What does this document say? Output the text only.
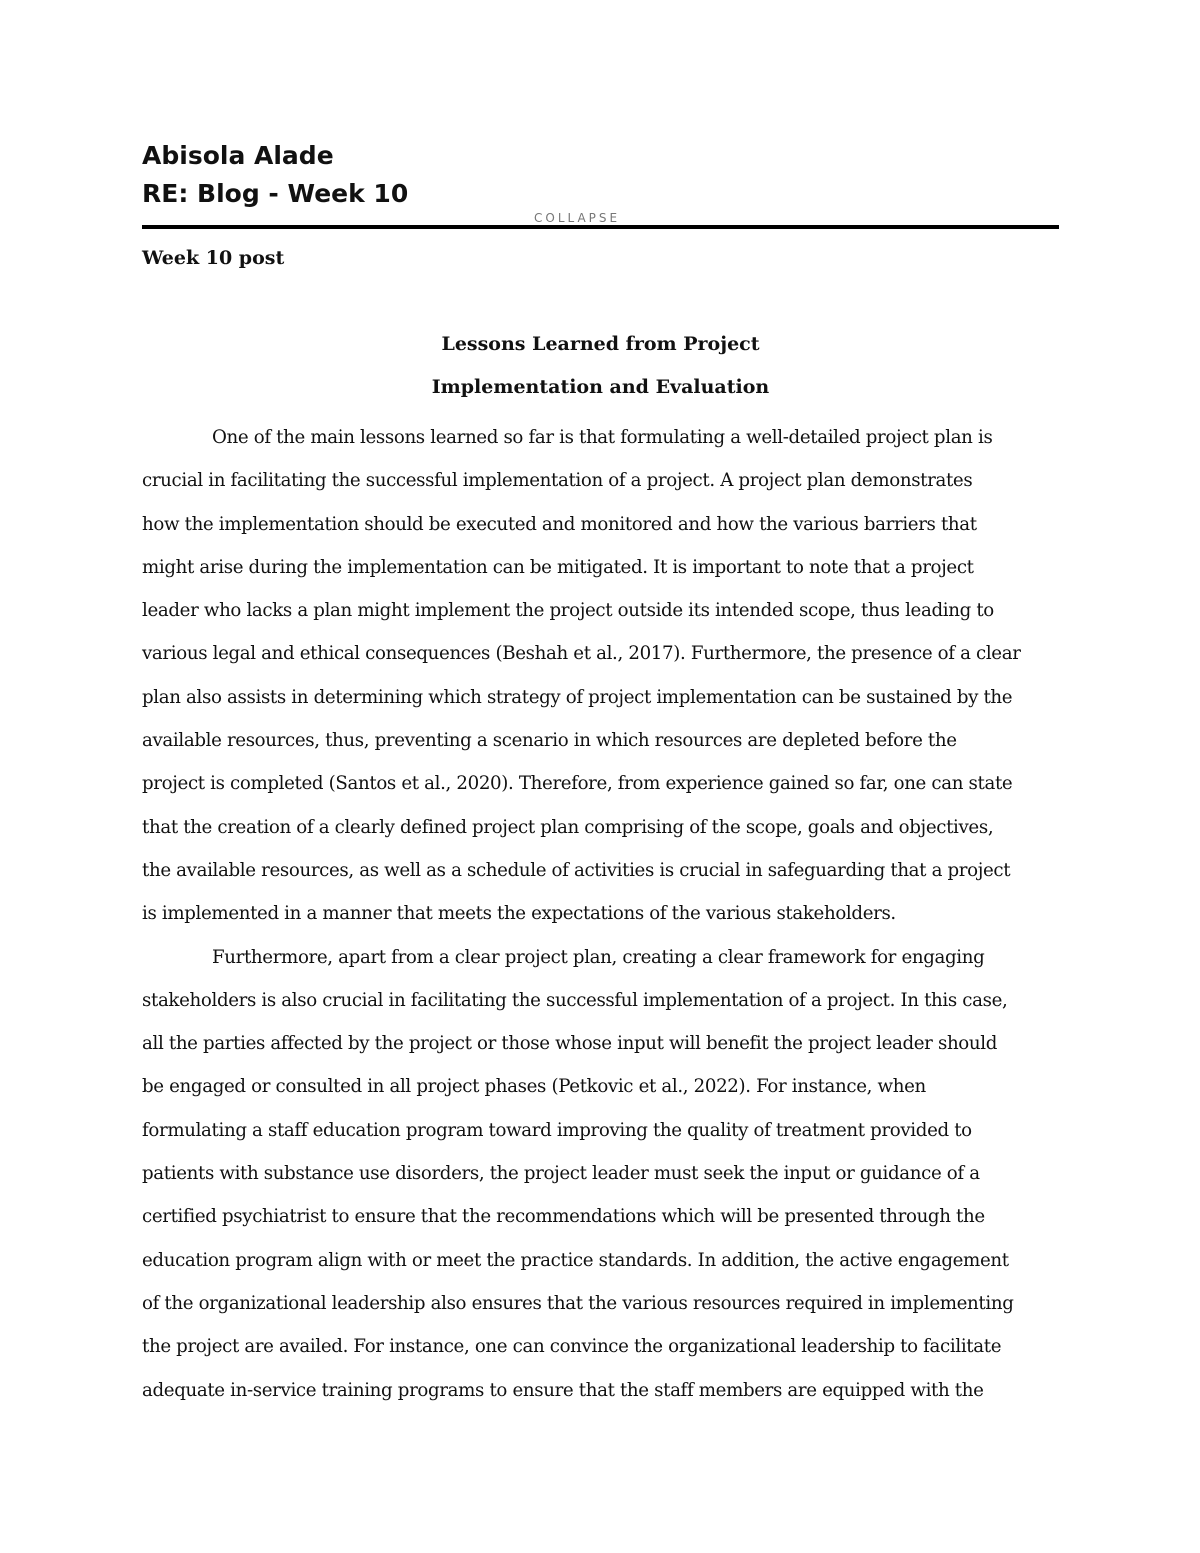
Abisola Alade
RE: Blog - Week 10
COLLAPSE

Week 10 post

Lessons Learned from Project

Implementation and Evaluation

One of the main lessons learned so far is that formulating a well-detailed project plan is
crucial in facilitating the successful implementation of a project. A project plan demonstrates
how the implementation should be executed and monitored and how the various barriers that
might arise during the implementation can be mitigated. It is important to note that a project
leader who lacks a plan might implement the project outside its intended scope, thus leading to
various legal and ethical consequences (Beshah et al., 2017). Furthermore, the presence of a clear
plan also assists in determining which strategy of project implementation can be sustained by the
available resources, thus, preventing a scenario in which resources are depleted before the
project is completed (Santos et al., 2020). Therefore, from experience gained so far, one can state
that the creation of a clearly defined project plan comprising of the scope, goals and objectives,
the available resources, as well as a schedule of activities is crucial in safeguarding that a project
is implemented in a manner that meets the expectations of the various stakeholders.
Furthermore, apart from a clear project plan, creating a clear framework for engaging
stakeholders is also crucial in facilitating the successful implementation of a project. In this case,
all the parties affected by the project or those whose input will benefit the project leader should
be engaged or consulted in all project phases (Petkovic et al., 2022). For instance, when
formulating a staff education program toward improving the quality of treatment provided to
patients with substance use disorders, the project leader must seek the input or guidance of a
certified psychiatrist to ensure that the recommendations which will be presented through the
education program align with or meet the practice standards. In addition, the active engagement
of the organizational leadership also ensures that the various resources required in implementing
the project are availed. For instance, one can convince the organizational leadership to facilitate
adequate in-service training programs to ensure that the staff members are equipped with the
